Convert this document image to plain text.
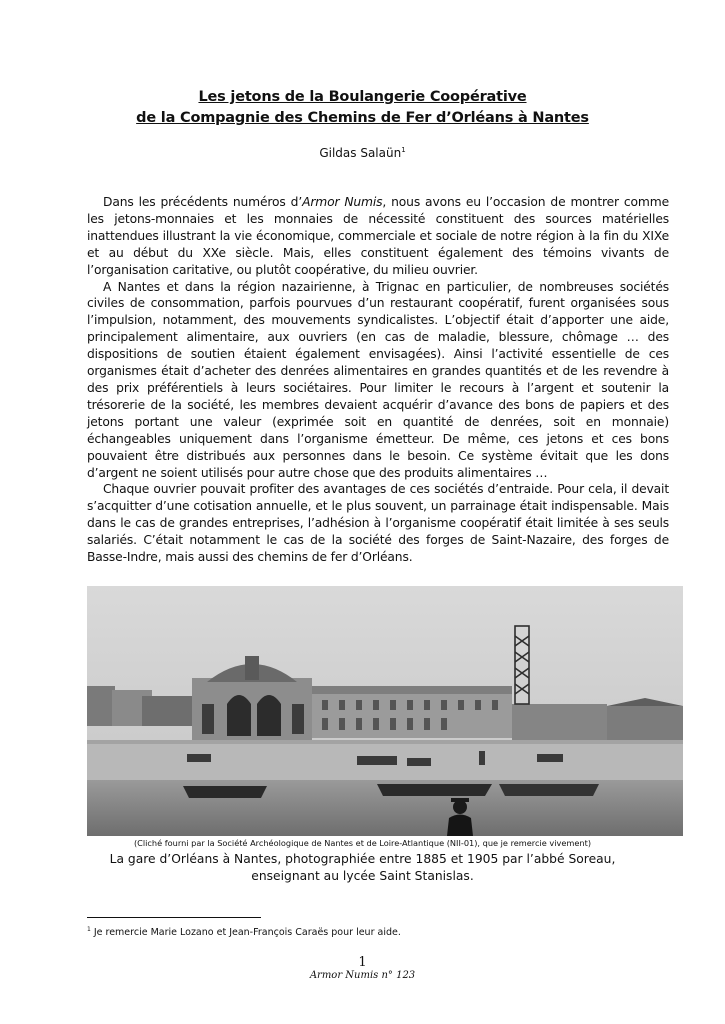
Les jetons de la Boulangerie Coopérative
de la Compagnie des Chemins de Fer d’Orléans à Nantes
Gildas Salaün$^1$

Dans les précédents numéros d’Armor Numis, nous avons eu l’occasion de montrer comme les jetons-monnaies et les monnaies de nécessité constituent des sources matérielles inattendues illustrant la vie économique, commerciale et sociale de notre région à la fin du XIXe et au début du XXe siècle. Mais, elles constituent également des témoins vivants de l’organisation caritative, ou plutôt coopérative, du milieu ouvrier.

A Nantes et dans la région nazairienne, à Trignac en particulier, de nombreuses sociétés civiles de consommation, parfois pourvues d’un restaurant coopératif, furent organisées sous l’impulsion, notamment, des mouvements syndicalistes. L’objectif était d’apporter une aide, principalement alimentaire, aux ouvriers (en cas de maladie, blessure, chômage … des dispositions de soutien étaient également envisagées). Ainsi l’activité essentielle de ces organismes était d’acheter des denrées alimentaires en grandes quantités et de les revendre à des prix préférentiels à leurs sociétaires. Pour limiter le recours à l’argent et soutenir la trésorerie de la société, les membres devaient acquérir d’avance des bons de papiers et des jetons portant une valeur (exprimée soit en quantité de denrées, soit en monnaie) échangeables uniquement dans l’organisme émetteur. De même, ces jetons et ces bons pouvaient être distribués aux personnes dans le besoin. Ce système évitait que les dons d’argent ne soient utilisés pour autre chose que des produits alimentaires …

Chaque ouvrier pouvait profiter des avantages de ces sociétés d’entraide. Pour cela, il devait s’acquitter d’une cotisation annuelle, et le plus souvent, un parrainage était indispensable. Mais dans le cas de grandes entreprises, l’adhésion à l’organisme coopératif était limitée à ses seuls salariés. C’était notamment le cas de la société des forges de Saint-Nazaire, des forges de Basse-Indre, mais aussi des chemins de fer d’Orléans.

(Cliché fourni par la Société Archéologique de Nantes et de Loire-Atlantique (NII-01), que je remercie vivement)
La gare d’Orléans à Nantes, photographiée entre 1885 et 1905 par l’abbé Soreau, enseignant au lycée Saint Stanislas.
$^1$ Je remercie Marie Lozano et Jean-François Caraës pour leur aide.
1
Armor Numis n° 123
